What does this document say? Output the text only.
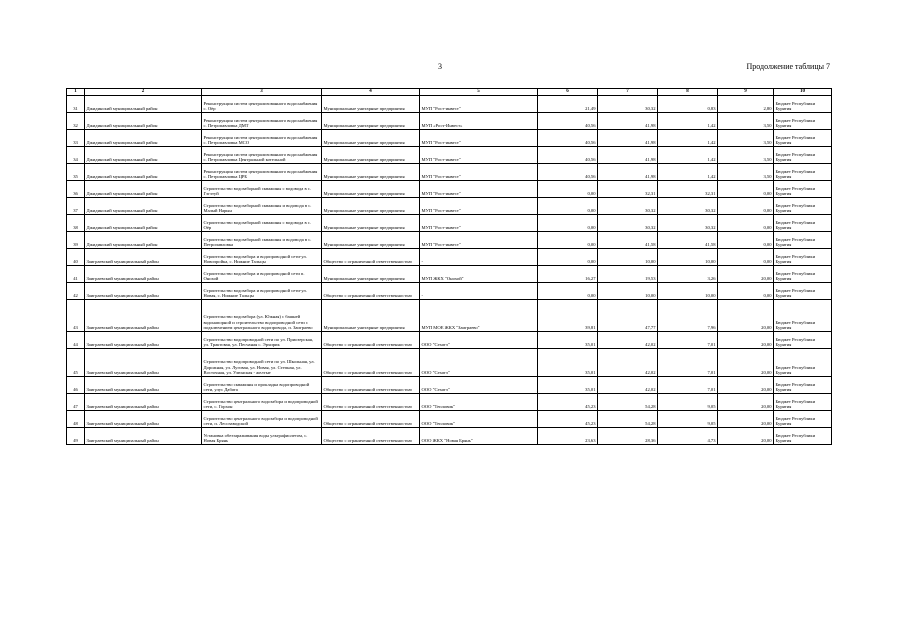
3	Продолжение таблицы 7
1	2	3	4	5	6	7	8	9	10
31	Джидинский муниципальный район	Реконструкция систем централизованного водоснабжения с. Оёр	Муниципальные унитарные предприятия	МУП "Рост-инвест"	21,49	30,32	0,83	2,80	Бюджет Республики Бурятия
32	Джидинский муниципальный район	Реконструкция систем централизованного водоснабжения с. Петропавловка ДМТ	Муниципальные унитарные предприятия	МУП «Рост-Инвест»	40,56	41,98	1,42	3,50	Бюджет Республики Бурятия
33	Джидинский муниципальный район	Реконструкция систем централизованного водоснабжения с. Петропавловка МСО	Муниципальные унитарные предприятия	МУП "Рост-инвест"	40,56	41,98	1,42	3,50	Бюджет Республики Бурятия
34	Джидинский муниципальный район	Реконструкция систем централизованного водоснабжения с. Петропавловка Центральной котельной	Муниципальные унитарные предприятия	МУП "Рост-инвест"	40,56	41,98	1,42	3,50	Бюджет Республики Бурятия
35	Джидинский муниципальный район	Реконструкция систем централизованного водоснабжения с. Петропавловка ЦРБ	Муниципальные унитарные предприятия	МУП "Рост-инвест"	40,56	41,98	1,42	3,50	Бюджет Республики Бурятия
36	Джидинский муниципальный район	Строительство водозаборной скважины с водовода в с. Гэгэтуй	Муниципальные унитарные предприятия	МУП "Рост-инвест"	0,00	32,31	32,31	0,00	Бюджет Республики Бурятия
37	Джидинский муниципальный район	Строительство водозаборной скважины и водовода в с. Малый Нарын	Муниципальные унитарные предприятия	МУП "Рост-инвест"	0,00	30,32	30,32	0,00	Бюджет Республики Бурятия
38	Джидинский муниципальный район	Строительство водозаборной скважины с водовода в с. Оёр	Муниципальные унитарные предприятия	МУП "Рост-инвест"	0,00	30,32	30,32	0,00	Бюджет Республики Бурятия
39	Джидинский муниципальный район	Строительство водозаборной скважины и водовода в с. Петропавловка	Муниципальные унитарные предприятия	МУП "Рост-инвест"	0,00	41,58	41,58	0,00	Бюджет Республики Бурятия
40	Заиграевский муниципальный район	Строительство водозабора и водопроводной сети-ул. Новопройка, с. Нижние Тальцы	Общество с ограниченной ответственностью	-	0,00	10,00	10,00	0,00	Бюджет Республики Бурятия
41	Заиграевский муниципальный район	Строительство водозабора и водопроводной сети п. Онохой	Муниципальные унитарные предприятия	МУП ЖКХ "Онохой"	16,27	19,53	3,26	20,00	Бюджет Республики Бурятия
42	Заиграевский муниципальный район	Строительство водозабора и водопроводной сети-ул. Новая, с. Нижние Тальцы	Общество с ограниченной ответственностью	-	0,00	10,00	10,00	0,00	Бюджет Республики Бурятия
43	Заиграевский муниципальный район	Строительство водозабора (ул. Южная) с башней водонапорной и строительство водопроводной сети с подключением центрального водопровода, п. Заиграево	Муниципальные унитарные предприятия	МУП МОЕ ЖКХ "Заиграево"	39,81	47,77	7,96	20,00	Бюджет Республики Бурятия
44	Заиграевский муниципальный район	Строительство водопроводной сети по ул. Приозерская, ул. Трактовая, ул. Песчаная с. Эрхирик	Общество с ограниченной ответственностью	ООО "Сехатэ"	35,01	42,02	7,01	20,00	Бюджет Республики Бурятия
45	Заиграевский муниципальный район	Строительство водопроводной сети по ул. Школьная, ул. Дорожная, ул. Луговая, ул. Новая, ул. Степная, ул. Восточная, ул. Улюнская - желтые	Общество с ограниченной ответственностью	ООО "Сехатэ"	35,01	42,02	7,01	20,00	Бюджет Республики Бурятия
46	Заиграевский муниципальный район	Строительство скважины и прокладка водопроводной сети, улус Дабата	Общество с ограниченной ответственностью	ООО "Сехатэ"	35,01	42,02	7,01	20,00	Бюджет Республики Бурятия
47	Заиграевский муниципальный район	Строительство центрального водозабора и водопроводной сети, с. Горхон	Общество с ограниченной ответственностью	ООО "Тепловик"	45,23	54,28	9,05	20,00	Бюджет Республики Бурятия
48	Заиграевский муниципальный район	Строительство центрального водозабора и водопроводной сети, п. Лесозаводской	Общество с ограниченной ответственностью	ООО "Тепловик"	45,23	54,28	9,05	20,00	Бюджет Республики Бурятия
49	Заиграевский муниципальный район	Установка обеззараживания воды ультрафиолетом, с. Новая Брянь	Общество с ограниченной ответственностью	ООО ЖКХ "Новая Брянь"	23,63	28,36	4,73	20,00	Бюджет Республики Бурятия
